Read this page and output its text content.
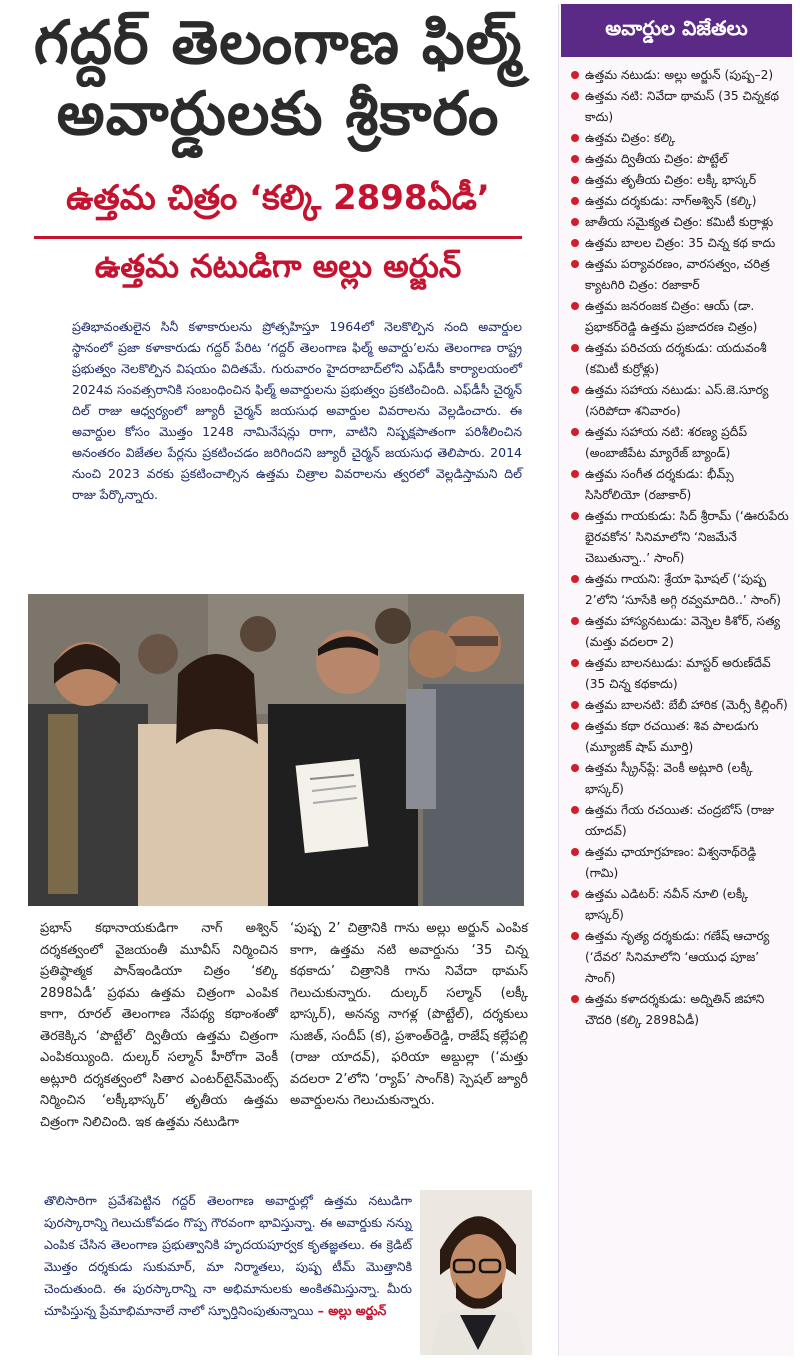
గద్దర్ తెలంగాణ ఫిల్మ్
అవార్డులకు శ్రీకారం
ఉత్తమ చిత్రం ‘కల్కి 2898ఏడీ’
ఉత్తమ నటుడిగా అల్లు అర్జున్

ప్రతిభావంతులైన సినీ కళాకారులను ప్రోత్సహిస్తూ 1964లో నెలకొల్పిన నంది అవార్డుల స్థానంలో ప్రజా కళాకారుడు గద్దర్ పేరిట ‘గద్దర్ తెలంగాణ ఫిల్మ్ అవార్డు’లను తెలంగాణ రాష్ట్ర ప్రభుత్వం నెలకొల్పిన విషయం విదితమే. గురువారం హైదరాబాద్‌లోని ఎఫ్‌డీసీ కార్యాలయంలో 2024వ సంవత్సరానికి సంబంధించిన ఫిల్మ్ అవార్డులను ప్రభుత్వం ప్రకటించింది. ఎఫ్‌డీసీ చైర్మన్ దిల్ రాజు ఆధ్వర్యంలో జ్యూరీ చైర్మన్ జయసుధ అవార్డుల వివరాలను వెల్లడించారు. ఈ అవార్డుల కోసం మొత్తం 1248 నామినేషన్లు రాగా, వాటిని నిష్పక్షపాతంగా పరిశీలించిన అనంతరం విజేతల పేర్లను ప్రకటించడం జరిగిందని జ్యూరీ చైర్మన్ జయసుధ తెలిపారు. 2014 నుంచి 2023 వరకు ప్రకటించాల్సిన ఉత్తమ చిత్రాల వివరాలను త్వరలో వెల్లడిస్తామని దిల్ రాజు పేర్కొన్నారు.

ప్రభాస్ కథానాయకుడిగా నాగ్ అశ్విన్ దర్శకత్వంలో వైజయంతీ మూవీస్ నిర్మించిన ప్రతిష్ఠాత్మక పాన్‌ఇండియా చిత్రం ‘కల్కి 2898ఏడీ’ ప్రథమ ఉత్తమ చిత్రంగా ఎంపిక కాగా, రూరల్ తెలంగాణ నేపథ్య కథాంశంతో తెరకెక్కిన ‘పొట్టేల్’ ద్వితీయ ఉత్తమ చిత్రంగా ఎంపికయ్యింది. దుల్కర్ సల్మాన్ హీరోగా వెంకీ అట్లూరి దర్శకత్వంలో సితార ఎంటర్‌టైన్‌మెంట్స్ నిర్మించిన ‘లక్కీభాస్కర్’ తృతీయ ఉత్తమ చిత్రంగా నిలిచింది. ఇక ఉత్తమ నటుడిగా

‘పుష్ప 2’ చిత్రానికి గాను అల్లు అర్జున్ ఎంపిక కాగా, ఉత్తమ నటి అవార్డును ‘35 చిన్న కథకాదు’ చిత్రానికి గాను నివేదా థామస్ గెలుచుకున్నారు. దుల్కర్ సల్మాన్ (లక్కీ భాస్కర్), అనన్య నాగళ్ల (పొట్టేల్), దర్శకులు సుజిత్, సందీప్ (క), ప్రశాంత్‌రెడ్డి, రాజేష్ కల్లేపల్లి (రాజు యాదవ్), ఫరియా అబ్దుల్లా (‘మత్తు వదలరా 2’లోని ‘ర్యాప్’ సాంగ్‌కి) స్పెషల్ జ్యూరీ అవార్డులను గెలుచుకున్నారు.

తొలిసారిగా ప్రవేశపెట్టిన గద్దర్ తెలంగాణ అవార్డుల్లో ఉత్తమ నటుడిగా పురస్కారాన్ని గెలుచుకోవడం గొప్ప గౌరవంగా భావిస్తున్నా. ఈ అవార్డుకు నన్ను ఎంపిక చేసిన తెలంగాణ ప్రభుత్వానికి హృదయపూర్వక కృతజ్ఞతలు. ఈ క్రెడిట్ మొత్తం దర్శకుడు సుకుమార్, మా నిర్మాతలు, పుష్ప టీమ్ మొత్తానికి చెందుతుంది. ఈ పురస్కారాన్ని నా అభిమానులకు అంకితమిస్తున్నా. మీరు చూపిస్తున్న ప్రేమాభిమానాలే నాలో స్ఫూర్తినింపుతున్నాయి – అల్లు అర్జున్

అవార్డుల విజేతలు
ఉత్తమ నటుడు: అల్లు అర్జున్ (పుష్ప–2)
ఉత్తమ నటి: నివేదా థామస్ (35 చిన్నకథ కాదు)
ఉత్తమ చిత్రం: కల్కి
ఉత్తమ ద్వితీయ చిత్రం: పొట్టేల్
ఉత్తమ తృతీయ చిత్రం: లక్కీ భాస్కర్
ఉత్తమ దర్శకుడు: నాగ్‌అశ్విన్ (కల్కి)
జాతీయ సమైక్యత చిత్రం: కమిటీ కుర్రాళ్లు
ఉత్తమ బాలల చిత్రం: 35 చిన్న కథ కాదు
ఉత్తమ పర్యావరణం, వారసత్వం, చరిత్ర క్యాటగిరి చిత్రం: రజాకార్
ఉత్తమ జనరంజక చిత్రం: ఆయ్ (డా. ప్రభాకర్‌రెడ్డి ఉత్తమ ప్రజాదరణ చిత్రం)
ఉత్తమ పరిచయ దర్శకుడు: యదువంశీ (కమిటీ కుర్రోళ్లు)
ఉత్తమ సహాయ నటుడు: ఎస్.జె.సూర్య (సరిపోదా శనివారం)
ఉత్తమ సహాయ నటి: శరణ్య ప్రదీప్ (అంబాజీపేట మ్యారేజ్ బ్యాండ్)
ఉత్తమ సంగీత దర్శకుడు: భీమ్స్ సిసిరోలియో (రజాకార్)
ఉత్తమ గాయకుడు: సిద్ శ్రీరామ్ (‘ఊరుపేరు భైరవకోన’ సినిమాలోని ‘నిజమేనే చెబుతున్నా..’ సాంగ్)
ఉత్తమ గాయని: శ్రేయా ఘోషల్ (‘పుష్ప 2’లోని ‘సూసేకి అగ్గి రవ్వమాదిరి..’ సాంగ్)
ఉత్తమ హాస్యనటుడు: వెన్నెల కిశోర్, సత్య (మత్తు వదలరా 2)
ఉత్తమ బాలనటుడు: మాస్టర్ అరుణ్‌దేవ్ (35 చిన్న కథకాదు)
ఉత్తమ బాలనటి: బేబీ హారిక (మెర్సీ కిల్లింగ్)
ఉత్తమ కథా రచయిత: శివ పాలడుగు (మ్యూజిక్ షాప్ మూర్తి)
ఉత్తమ స్క్రీన్‌ప్లే: వెంకీ అట్లూరి (లక్కీ భాస్కర్)
ఉత్తమ గేయ రచయిత: చంద్రబోస్ (రాజు యాదవ్)
ఉత్తమ ఛాయాగ్రహణం: విశ్వనాథ్‌రెడ్డి (గామి)
ఉత్తమ ఎడిటర్: నవీన్ నూలి (లక్కీ భాస్కర్)
ఉత్తమ నృత్య దర్శకుడు: గణేష్ ఆచార్య (‘దేవర’ సినిమాలోని ‘ఆయుధ పూజ’ సాంగ్)
ఉత్తమ కళాదర్శకుడు: అద్నితిన్ జిహాని చౌదరి (కల్కి 2898ఏడీ)
